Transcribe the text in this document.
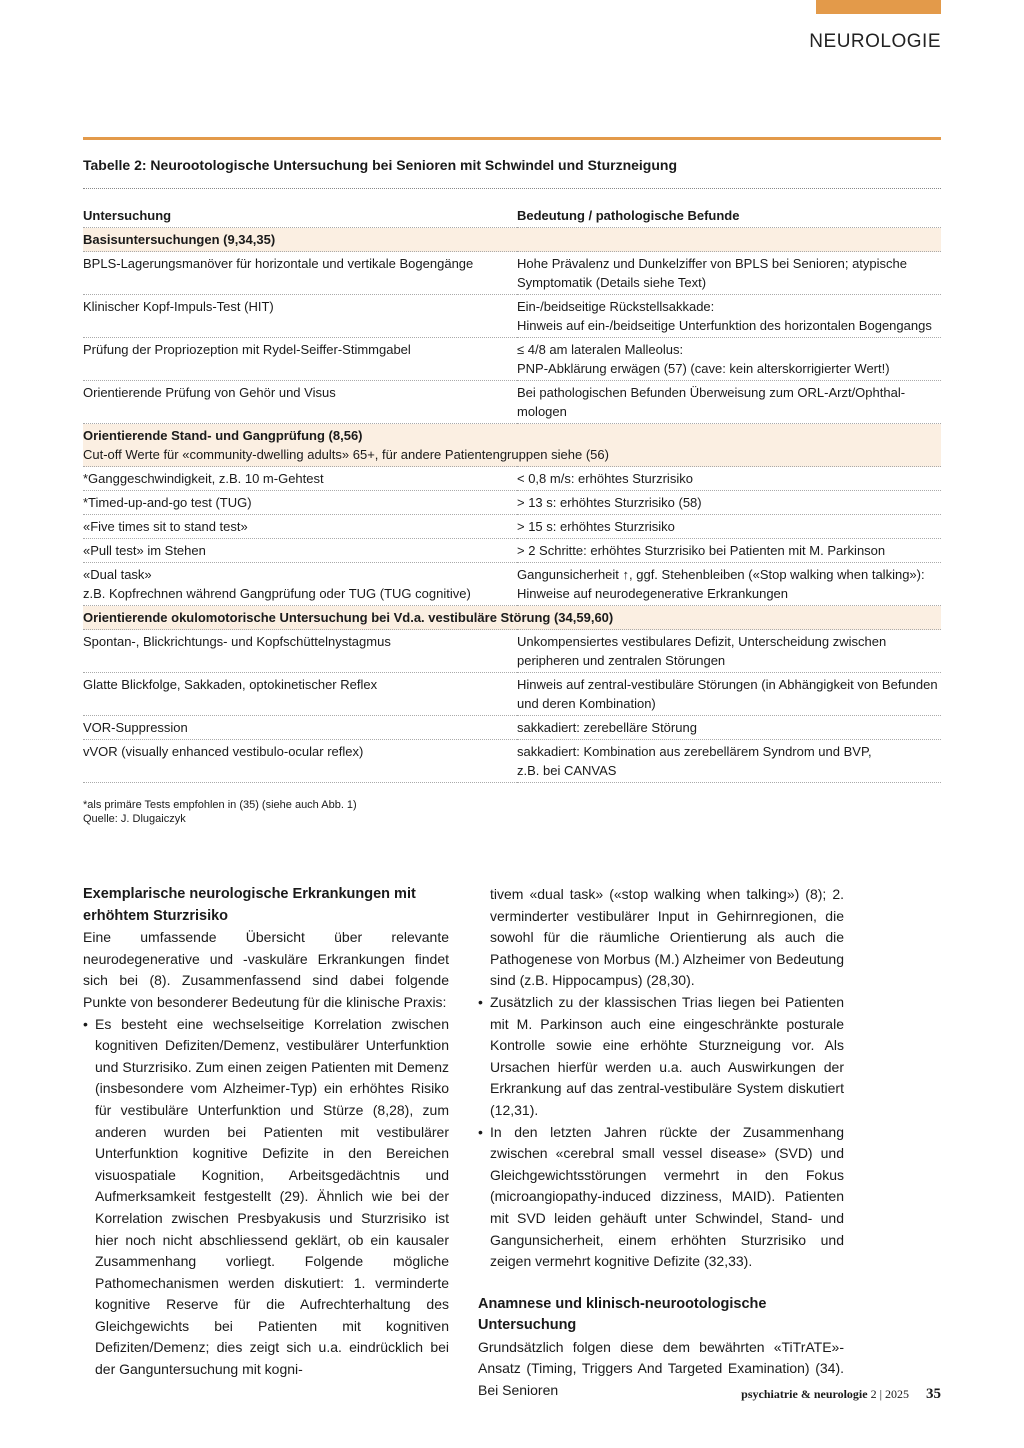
NEUROLOGIE
Tabelle 2: Neurootologische Untersuchung bei Senioren mit Schwindel und Sturzneigung
Untersuchung	Bedeutung / pathologische Befunde
Basisuntersuchungen (9,34,35)	
BPLS-Lagerungsmanöver für horizontale und vertikale Bogengänge	Hohe Prävalenz und Dunkelziffer von BPLS bei Senioren; atypische Symptomatik (Details siehe Text)
Klinischer Kopf-Impuls-Test (HIT)	Ein-/beidseitige Rückstellsakkade:
Hinweis auf ein-/beidseitige Unterfunktion des horizontalen Bogengangs
Prüfung der Propriozeption mit Rydel-Seiffer-Stimmgabel	≤ 4/8 am lateralen Malleolus:
PNP-Abklärung erwägen (57) (cave: kein alterskorrigierter Wert!)
Orientierende Prüfung von Gehör und Visus	Bei pathologischen Befunden Überweisung zum ORL-Arzt/Ophthal-mologen
Orientierende Stand- und Gangprüfung (8,56)
Cut-off Werte für «community-dwelling adults» 65+, für andere Patientengruppen siehe (56)	

*Ganggeschwindigkeit, z.B. 10 m-Gehtest	< 0,8 m/s: erhöhtes Sturzrisiko
*Timed-up-and-go test (TUG)	> 13 s: erhöhtes Sturzrisiko (58)
«Five times sit to stand test»	> 15 s: erhöhtes Sturzrisiko
«Pull test» im Stehen	> 2 Schritte: erhöhtes Sturzrisiko bei Patienten mit M. Parkinson
«Dual task»
z.B. Kopfrechnen während Gangprüfung oder TUG (TUG cognitive)	Gangunsicherheit ↑, ggf. Stehenbleiben («Stop walking when talking»):
Hinweise auf neurodegenerative Erkrankungen
Orientierende okulomotorische Untersuchung bei Vd.a. vestibuläre Störung (34,59,60)	
Spontan-, Blickrichtungs- und Kopfschüttelnystagmus	Unkompensiertes vestibulares Defizit, Unterscheidung zwischen peripheren und zentralen Störungen
Glatte Blickfolge, Sakkaden, optokinetischer Reflex	Hinweis auf zentral-vestibuläre Störungen (in Abhängigkeit von Befunden und deren Kombination)
VOR-Suppression	sakkadiert: zerebelläre Störung
vVOR (visually enhanced vestibulo-ocular reflex)	sakkadiert: Kombination aus zerebellärem Syndrom und BVP,
z.B. bei CANVAS
*als primäre Tests empfohlen in (35) (siehe auch Abb. 1)
Quelle: J. Dlugaiczyk
Exemplarische neurologische Erkrankungen mit erhöhtem Sturzrisiko

Eine umfassende Übersicht über relevante neurodegenerative und -vaskuläre Erkrankungen findet sich bei (8). Zusammenfassend sind dabei folgende Punkte von besonderer Bedeutung für die klinische Praxis:

• Es besteht eine wechselseitige Korrelation zwischen kognitiven Defiziten/Demenz, vestibulärer Unterfunktion und Sturzrisiko. Zum einen zeigen Patienten mit Demenz (insbesondere vom Alzheimer-Typ) ein erhöhtes Risiko für vestibuläre Unterfunktion und Stürze (8,28), zum anderen wurden bei Patienten mit vestibulärer Unterfunktion kognitive Defizite in den Bereichen visuospatiale Kognition, Arbeitsgedächtnis und Aufmerksamkeit festgestellt (29). Ähnlich wie bei der Korrelation zwischen Presbyakusis und Sturzrisiko ist hier noch nicht abschliessend geklärt, ob ein kausaler Zusammenhang vorliegt. Folgende mögliche Pathomechanismen werden diskutiert: 1. verminderte kognitive Reserve für die Aufrechterhaltung des Gleichgewichts bei Patienten mit kognitiven Defiziten/Demenz; dies zeigt sich u.a. eindrücklich bei der Ganguntersuchung mit kogni-
tivem «dual task» («stop walking when talking») (8); 2. verminderter vestibulärer Input in Gehirnregionen, die sowohl für die räumliche Orientierung als auch die Pathogenese von Morbus (M.) Alzheimer von Bedeutung sind (z.B. Hippocampus) (28,30).
• Zusätzlich zu der klassischen Trias liegen bei Patienten mit M. Parkinson auch eine eingeschränkte posturale Kontrolle sowie eine erhöhte Sturzneigung vor. Als Ursachen hierfür werden u.a. auch Auswirkungen der Erkrankung auf das zentral-vestibuläre System diskutiert (12,31).
• In den letzten Jahren rückte der Zusammenhang zwischen «cerebral small vessel disease» (SVD) und Gleichgewichtsstörungen vermehrt in den Fokus (microangiopathy-induced dizziness, MAID). Patienten mit SVD leiden gehäuft unter Schwindel, Stand- und Gangunsicherheit, einem erhöhten Sturzrisiko und zeigen vermehrt kognitive Defizite (32,33).
Anamnese und klinisch-neurootologische Untersuchung

Grundsätzlich folgen diese dem bewährten «TiTrATE»-Ansatz (Timing, Triggers And Targeted Examination) (34). Bei Senioren	psychiatrie & neurologie 2 | 2025 35
